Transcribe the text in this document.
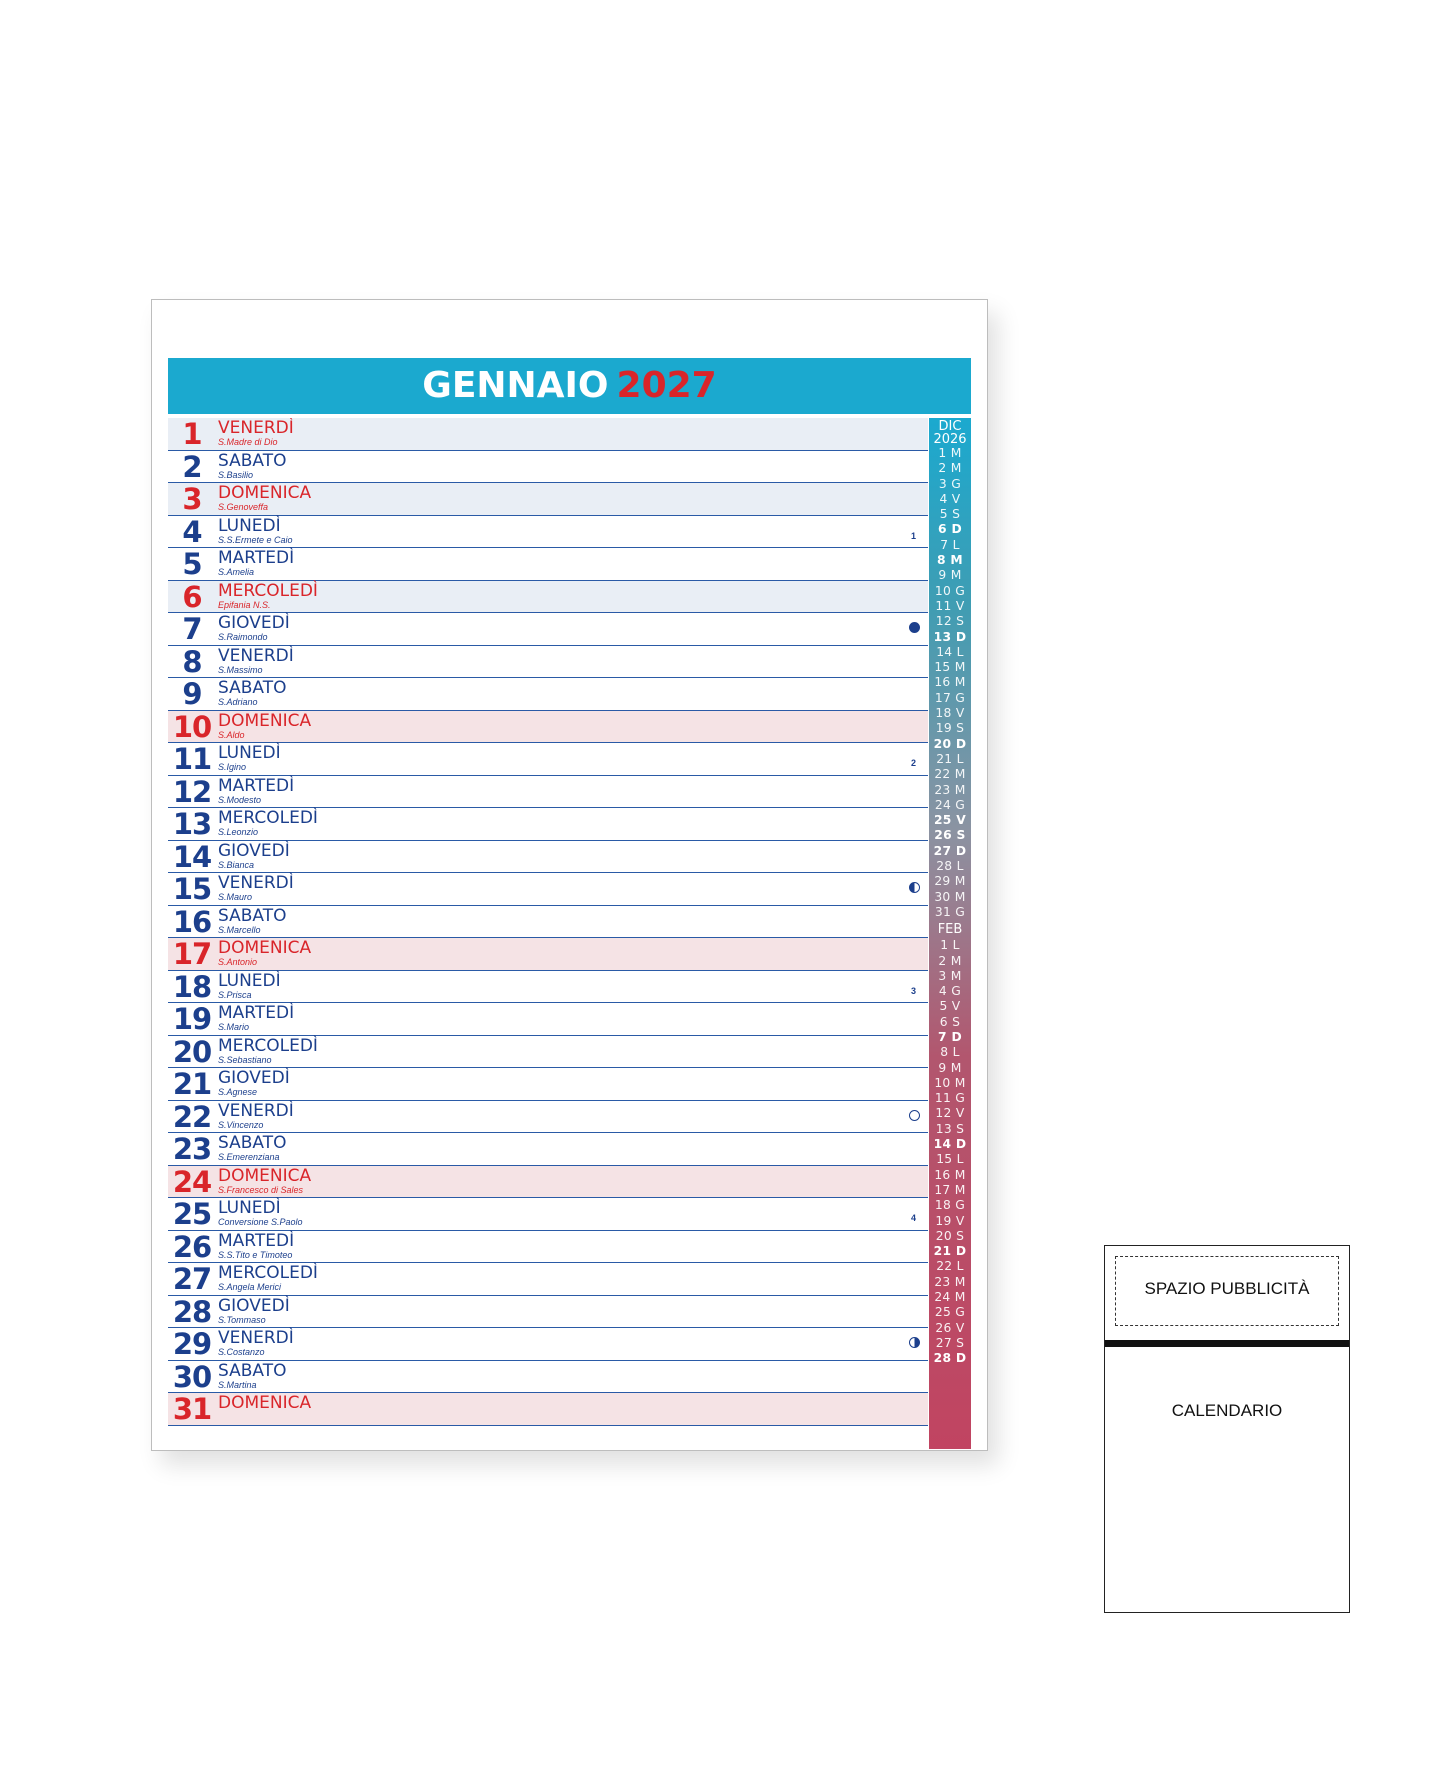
GENNAIO 2027
1 VENERDÌ
S.Madre di Dio
2 SABATO
S.Basilio
3 DOMENICA
S.Genoveffa
4 LUNEDÌ
S.S.Ermete e Caio	1
5 MARTEDÌ
S.Amelia
6 MERCOLEDÌ
Epifania N.S.
7 GIOVEDÌ
S.Raimondo
8 VENERDÌ
S.Massimo
9 SABATO
S.Adriano
10 DOMENICA
S.Aldo
11 LUNEDÌ
S.Igino	2
12 MARTEDÌ
S.Modesto
13 MERCOLEDÌ
S.Leonzio
14 GIOVEDÌ
S.Bianca
15 VENERDÌ
S.Mauro
16 SABATO
S.Marcello
17 DOMENICA
S.Antonio
18 LUNEDÌ
S.Prisca	3
19 MARTEDÌ
S.Mario
20 MERCOLEDÌ
S.Sebastiano
21 GIOVEDÌ
S.Agnese
22 VENERDÌ
S.Vincenzo
23 SABATO
S.Emerenziana
24 DOMENICA
S.Francesco di Sales
25 LUNEDÌ
Conversione S.Paolo	4
26 MARTEDÌ
S.S.Tito e Timoteo
27 MERCOLEDÌ
S.Angela Merici
28 GIOVEDÌ
S.Tommaso
29 VENERDÌ
S.Costanzo
30 SABATO
S.Martina
31 DOMENICA
DIC
2026
1 M
2 M
3 G
4 V
5 S
6 D
7 L
8 M
9 M
10 G
11 V
12 S
13 D
14 L
15 M
16 M
17 G
18 V
19 S
20 D
21 L
22 M
23 M
24 G
25 V
26 S
27 D
28 L
29 M
30 M
31 G
FEB
1 L
2 M
3 M
4 G
5 V
6 S
7 D
8 L
9 M
10 M
11 G
12 V
13 S
14 D
15 L
16 M
17 M
18 G
19 V
20 S
21 D
22 L
23 M
24 M
25 G
26 V
27 S
28 D
SPAZIO PUBBLICITÀ
CALENDARIO
